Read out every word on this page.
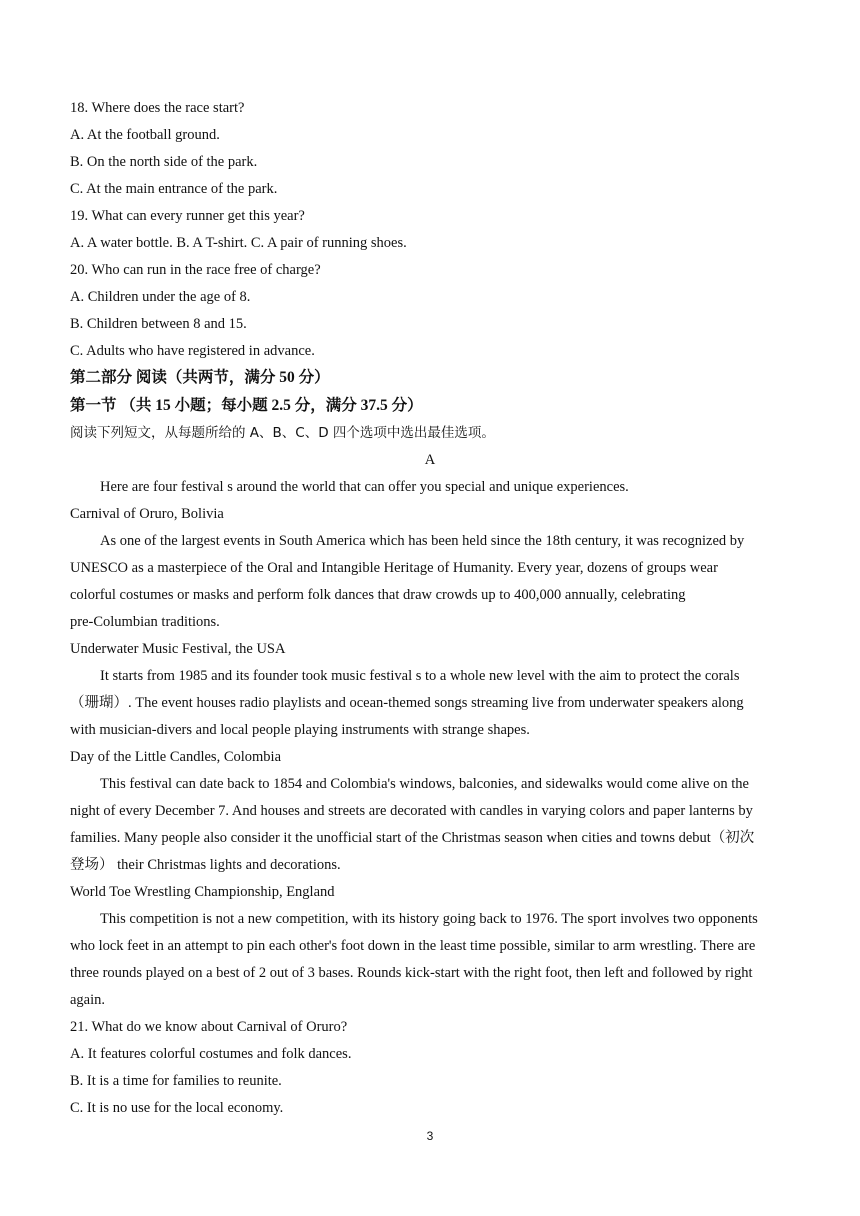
18. Where does the race start?
A. At the football ground.
B. On the north side of the park.
C. At the main entrance of the park.
19. What can every runner get this year?
A. A water bottle. B. A T-shirt. C. A pair of running shoes.
20. Who can run in the race free of charge?
A. Children under the age of 8.
B. Children between 8 and 15.
C. Adults who have registered in advance.
第二部分 阅读（共两节，满分 50 分）
第一节 （共 15 小题；每小题 2.5 分，满分 37.5 分）
阅读下列短文，从每题所给的 A、B、C、D 四个选项中选出最佳选项。
A
Here are four festival s around the world that can offer you special and unique experiences.
Carnival of Oruro, Bolivia
As one of the largest events in South America which has been held since the 18th century, it was recognized by
UNESCO as a masterpiece of the Oral and Intangible Heritage of Humanity. Every year, dozens of groups wear
colorful costumes or masks and perform folk dances that draw crowds up to 400,000 annually, celebrating
pre-Columbian traditions.
Underwater Music Festival, the USA
It starts from 1985 and its founder took music festival s to a whole new level with the aim to protect the corals
（珊瑚）. The event houses radio playlists and ocean-themed songs streaming live from underwater speakers along
with musician-divers and local people playing instruments with strange shapes.
Day of the Little Candles, Colombia
This festival can date back to 1854 and Colombia's windows, balconies, and sidewalks would come alive on the
night of every December 7. And houses and streets are decorated with candles in varying colors and paper lanterns by
families. Many people also consider it the unofficial start of the Christmas season when cities and towns debut（初次
登场） their Christmas lights and decorations.
World Toe Wrestling Championship, England
This competition is not a new competition, with its history going back to 1976. The sport involves two opponents
who lock feet in an attempt to pin each other's foot down in the least time possible, similar to arm wrestling. There are
three rounds played on a best of 2 out of 3 bases. Rounds kick-start with the right foot, then left and followed by right
again.
21. What do we know about Carnival of Oruro?
A. It features colorful costumes and folk dances.
B. It is a time for families to reunite.
C. It is no use for the local economy.
3
